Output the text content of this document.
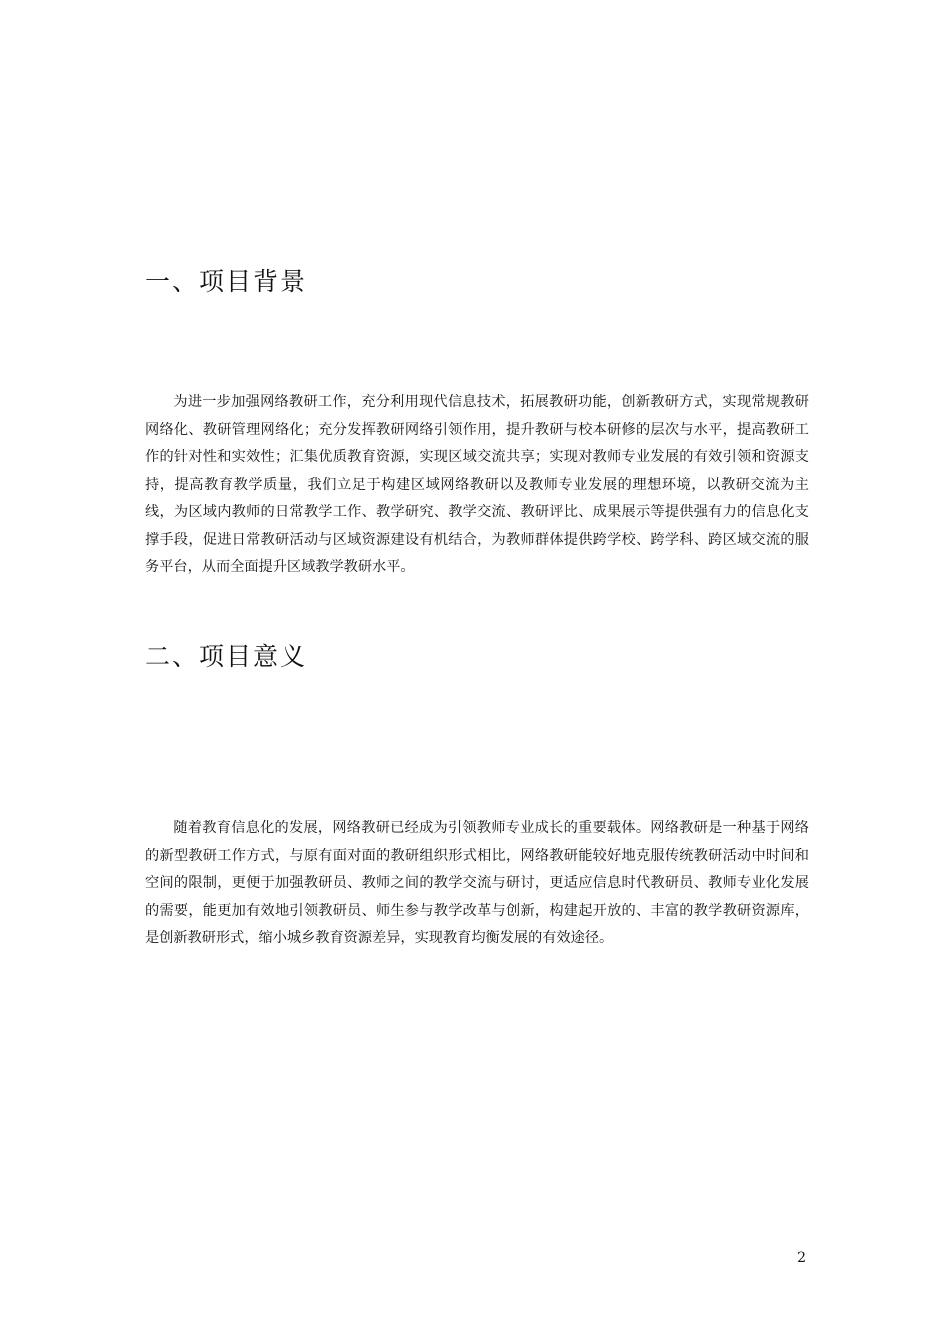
一、项目背景

为进一步加强网络教研工作，充分利用现代信息技术，拓展教研功能，创新教研方式，实现常规教研网络化、教研管理网络化；充分发挥教研网络引领作用，提升教研与校本研修的层次与水平，提高教研工作的针对性和实效性；汇集优质教育资源，实现区域交流共享；实现对教师专业发展的有效引领和资源支持，提高教育教学质量，我们立足于构建区域网络教研以及教师专业发展的理想环境，以教研交流为主线，为区域内教师的日常教学工作、教学研究、教学交流、教研评比、成果展示等提供强有力的信息化支撑手段，促进日常教研活动与区域资源建设有机结合，为教师群体提供跨学校、跨学科、跨区域交流的服务平台，从而全面提升区域教学教研水平。

二、项目意义

随着教育信息化的发展，网络教研已经成为引领教师专业成长的重要载体。网络教研是一种基于网络的新型教研工作方式，与原有面对面的教研组织形式相比，网络教研能较好地克服传统教研活动中时间和空间的限制，更便于加强教研员、教师之间的教学交流与研讨，更适应信息时代教研员、教师专业化发展的需要，能更加有效地引领教研员、师生参与教学改革与创新，构建起开放的、丰富的教学教研资源库，是创新教研形式，缩小城乡教育资源差异，实现教育均衡发展的有效途径。

2
